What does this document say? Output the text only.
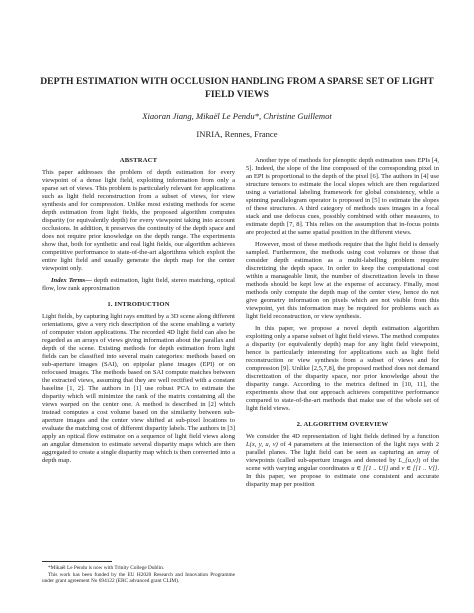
DEPTH ESTIMATION WITH OCCLUSION HANDLING FROM A SPARSE SET OF LIGHT
FIELD VIEWS
Xiaoran Jiang, Mikaël Le Pendu*, Christine Guillemot
INRIA, Rennes, France

ABSTRACT

This paper addresses the problem of depth estimation for every viewpoint of a dense light field, exploiting information from only a sparse set of views. This problem is particularly relevant for applications such as light field reconstruction from a subset of views, for view synthesis and for compression. Unlike most existing methods for scene depth estimation from light fields, the proposed algorithm computes disparity (or equivalently depth) for every viewpoint taking into account occlusions. In addition, it preserves the continuity of the depth space and does not require prior knowledge on the depth range. The experiments show that, both for synthetic and real light fields, our algorithm achieves competitive performance to state-of-the-art algorithms which exploit the entire light field and usually generate the depth map for the center viewpoint only.

Index Terms— depth estimation, light field, stereo matching, optical flow, low rank approximation

1. INTRODUCTION

Light fields, by capturing light rays emitted by a 3D scene along different orientations, give a very rich description of the scene enabling a variety of computer vision applications. The recorded 4D light field can also be regarded as an arrays of views giving information about the parallax and depth of the scene. Existing methods for depth estimation from light fields can be classified into several main categories: methods based on sub-aperture images (SAI), on epipolar plane images (EPI) or on refocused images. The methods based on SAI compute matches between the extracted views, assuming that they are well rectified with a constant baseline [1, 2]. The authors in [1] use robust PCA to estimate the disparity which will minimize the rank of the matrix containing all the views warped on the center one. A method is described in [2] which instead computes a cost volume based on the similarity between sub-aperture images and the center view shifted at sub-pixel locations to evaluate the matching cost of different disparity labels. The authors in [3] apply an optical flow estimator on a sequence of light field views along an angular dimension to estimate several disparity maps which are then aggregated to create a single disparity map which is then converted into a depth map.

*Mikaël Le Pendu is now with Trinity College Dublin.

This work has been funded by the EU H2020 Research and Innovation Programme under grant agreement No 694122 (ERC advanced grant CLIM).

Another type of methods for plenoptic depth estimation uses EPIs [4, 5]. Indeed, the slope of the line composed of the corresponding pixel in an EPI is proportional to the depth of the pixel [6]. The authors in [4] use structure tensors to estimate the local slopes which are then regularized using a variational labeling framework for global consistency, while a spinning parallelogram operator is proposed in [5] to estimate the slopes of these structures. A third category of methods uses images in a focal stack and use defocus cues, possibly combined with other measures, to estimate depth [7, 8]. This relies on the assumption that in-focus points are projected at the same spatial position in the different views.

However, most of these methods require that the light field is densely sampled. Furthermore, the methods using cost volumes or those that consider depth estimation as a multi-labelling problem require discretizing the depth space. In order to keep the computational cost within a manageable limit, the number of discretization levels in these methods should be kept low at the expense of accuracy. Finally, most methods only compute the depth map of the center view, hence do not give geometry information on pixels which are not visible from this viewpoint, yet this information may be required for problems such as light field reconstruction, or view synthesis.

In this paper, we propose a novel depth estimation algorithm exploiting only a sparse subset of light field views. The method computes a disparity (or equivalently depth) map for any light field viewpoint, hence is particularly interesting for applications such as light field reconstruction or view synthesis from a subset of views and for compression [9]. Unlike [2,5,7,8], the proposed method does not demand discretization of the disparity space, nor prior knowledge about the disparity range. According to the metrics defined in [10, 11], the experiments show that our approach achieves competitive performance compared to state-of-the-art methods that make use of the whole set of light field views.

2. ALGORITHM OVERVIEW

We consider the 4D representation of light fields defined by a function L(x, y, u, v) of 4 parameters at the intersection of the light rays with 2 parallel planes. The light field can be seen as capturing an array of viewpoints (called sub-aperture images and denoted by L_{u,v}) of the scene with varying angular coordinates u ∈ [[1 .. U]] and v ∈ [[1 .. V]]. In this paper, we propose to estimate one consistent and accurate disparity map per position
